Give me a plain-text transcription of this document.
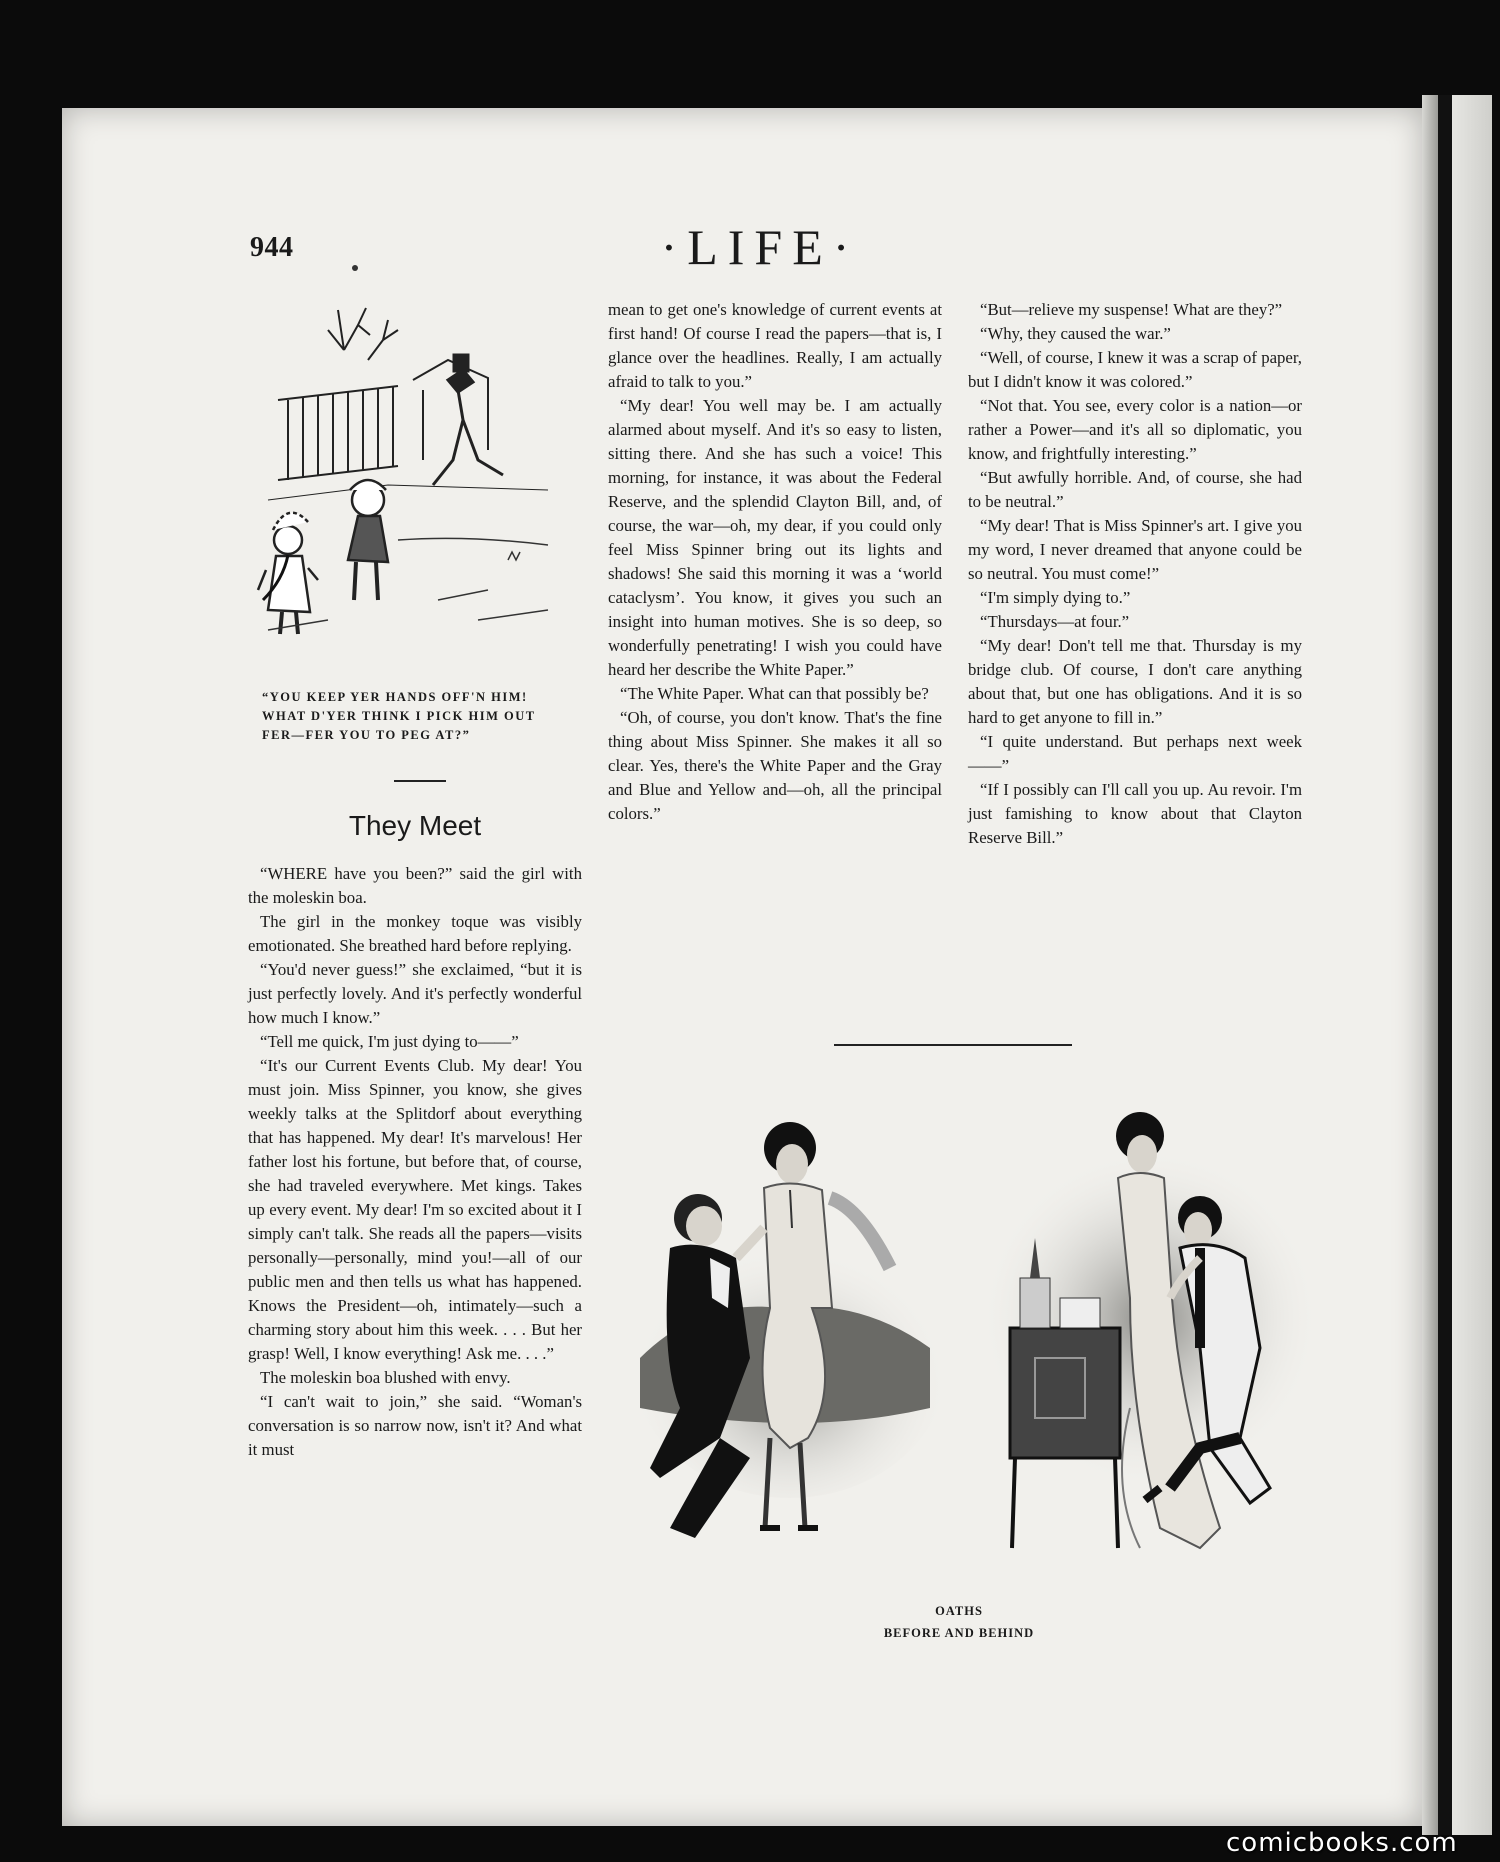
944	·LIFE·
“YOU KEEP YER HANDS OFF'N HIM!
WHAT D'YER THINK I PICK HIM OUT
FER—FER YOU TO PEG AT?”
They Meet

“WHERE have you been?” said the girl with the moleskin boa.

The girl in the monkey toque was visibly emotionated. She breathed hard before replying.

“You'd never guess!” she exclaimed, “but it is just perfectly lovely. And it's perfectly wonderful how much I know.”

“Tell me quick, I'm just dying to——”

“It's our Current Events Club. My dear! You must join. Miss Spinner, you know, she gives weekly talks at the Splitdorf about everything that has happened. My dear! It's marvelous! Her father lost his fortune, but before that, of course, she had traveled everywhere. Met kings. Takes up every event. My dear! I'm so excited about it I simply can't talk. She reads all the papers—visits personally—personally, mind you!—all of our public men and then tells us what has happened. Knows the President—oh, intimately—such a charming story about him this week. . . . But her grasp! Well, I know everything! Ask me. . . .”

The moleskin boa blushed with envy.

“I can't wait to join,” she said. “Woman's conversation is so narrow now, isn't it? And what it must

mean to get one's knowledge of current events at first hand! Of course I read the papers—that is, I glance over the headlines. Really, I am actually afraid to talk to you.”

“My dear! You well may be. I am actually alarmed about myself. And it's so easy to listen, sitting there. And she has such a voice! This morning, for instance, it was about the Federal Reserve, and the splendid Clayton Bill, and, of course, the war—oh, my dear, if you could only feel Miss Spinner bring out its lights and shadows! She said this morning it was a ‘world cataclysm’. You know, it gives you such an insight into human motives. She is so deep, so wonderfully penetrating! I wish you could have heard her describe the White Paper.”

“The White Paper. What can that possibly be?

“Oh, of course, you don't know. That's the fine thing about Miss Spinner. She makes it all so clear. Yes, there's the White Paper and the Gray and Blue and Yellow and—oh, all the principal colors.”

“But—relieve my suspense! What are they?”

“Why, they caused the war.”

“Well, of course, I knew it was a scrap of paper, but I didn't know it was colored.”

“Not that. You see, every color is a nation—or rather a Power—and it's all so diplomatic, you know, and frightfully interesting.”

“But awfully horrible. And, of course, she had to be neutral.”

“My dear! That is Miss Spinner's art. I give you my word, I never dreamed that anyone could be so neutral. You must come!”

“I'm simply dying to.”

“Thursdays—at four.”

“My dear! Don't tell me that. Thursday is my bridge club. Of course, I don't care anything about that, but one has obligations. And it is so hard to get anyone to fill in.”

“I quite understand. But perhaps next week——”

“If I possibly can I'll call you up. Au revoir. I'm just famishing to know about that Clayton Reserve Bill.”

OATHS
BEFORE AND BEHIND
comicbooks.com
